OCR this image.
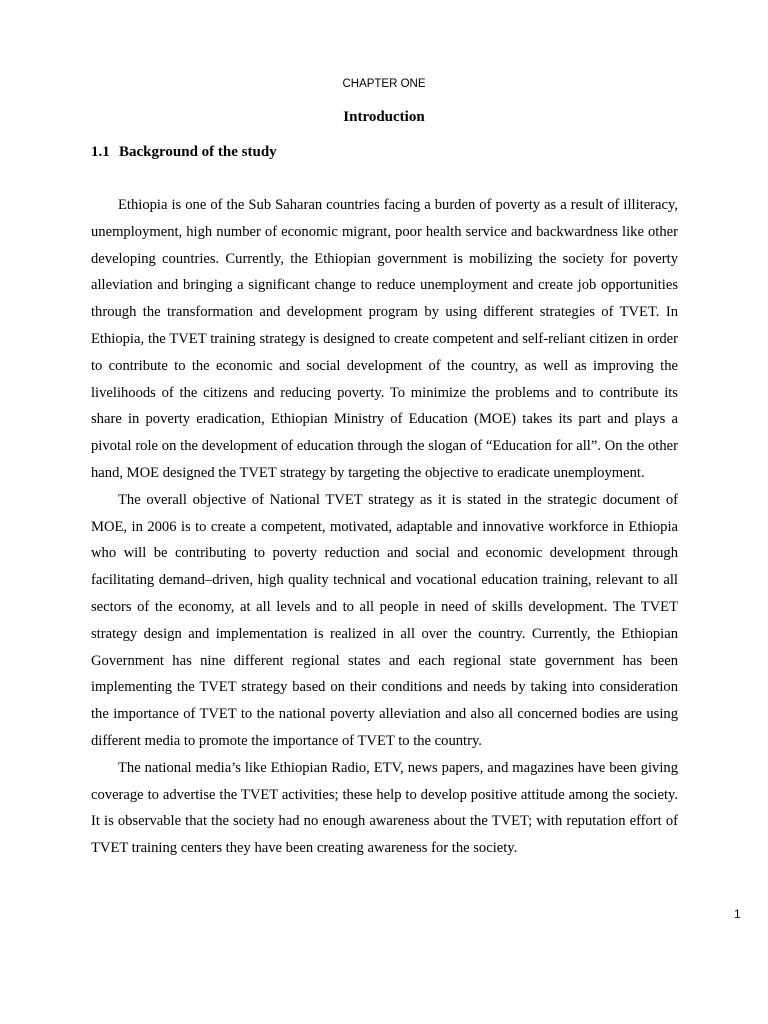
CHAPTER ONE
Introduction
1.1 Background of the study

Ethiopia is one of the Sub Saharan countries facing a burden of poverty as a result of illiteracy, unemployment, high number of economic migrant, poor health service and backwardness like other developing countries. Currently, the Ethiopian government is mobilizing the society for poverty alleviation and bringing a significant change to reduce unemployment and create job opportunities through the transformation and development program by using different strategies of TVET. In Ethiopia, the TVET training strategy is designed to create competent and self-reliant citizen in order to contribute to the economic and social development of the country, as well as improving the livelihoods of the citizens and reducing poverty. To minimize the problems and to contribute its share in poverty eradication, Ethiopian Ministry of Education (MOE) takes its part and plays a pivotal role on the development of education through the slogan of “Education for all”. On the other hand, MOE designed the TVET strategy by targeting the objective to eradicate unemployment.

The overall objective of National TVET strategy as it is stated in the strategic document of MOE, in 2006 is to create a competent, motivated, adaptable and innovative workforce in Ethiopia who will be contributing to poverty reduction and social and economic development through facilitating demand–driven, high quality technical and vocational education training, relevant to all sectors of the economy, at all levels and to all people in need of skills development. The TVET strategy design and implementation is realized in all over the country. Currently, the Ethiopian Government has nine different regional states and each regional state government has been implementing the TVET strategy based on their conditions and needs by taking into consideration the importance of TVET to the national poverty alleviation and also all concerned bodies are using different media to promote the importance of TVET to the country.

The national media’s like Ethiopian Radio, ETV, news papers, and magazines have been giving coverage to advertise the TVET activities; these help to develop positive attitude among the society. It is observable that the society had no enough awareness about the TVET; with reputation effort of TVET training centers they have been creating awareness for the society.

1
